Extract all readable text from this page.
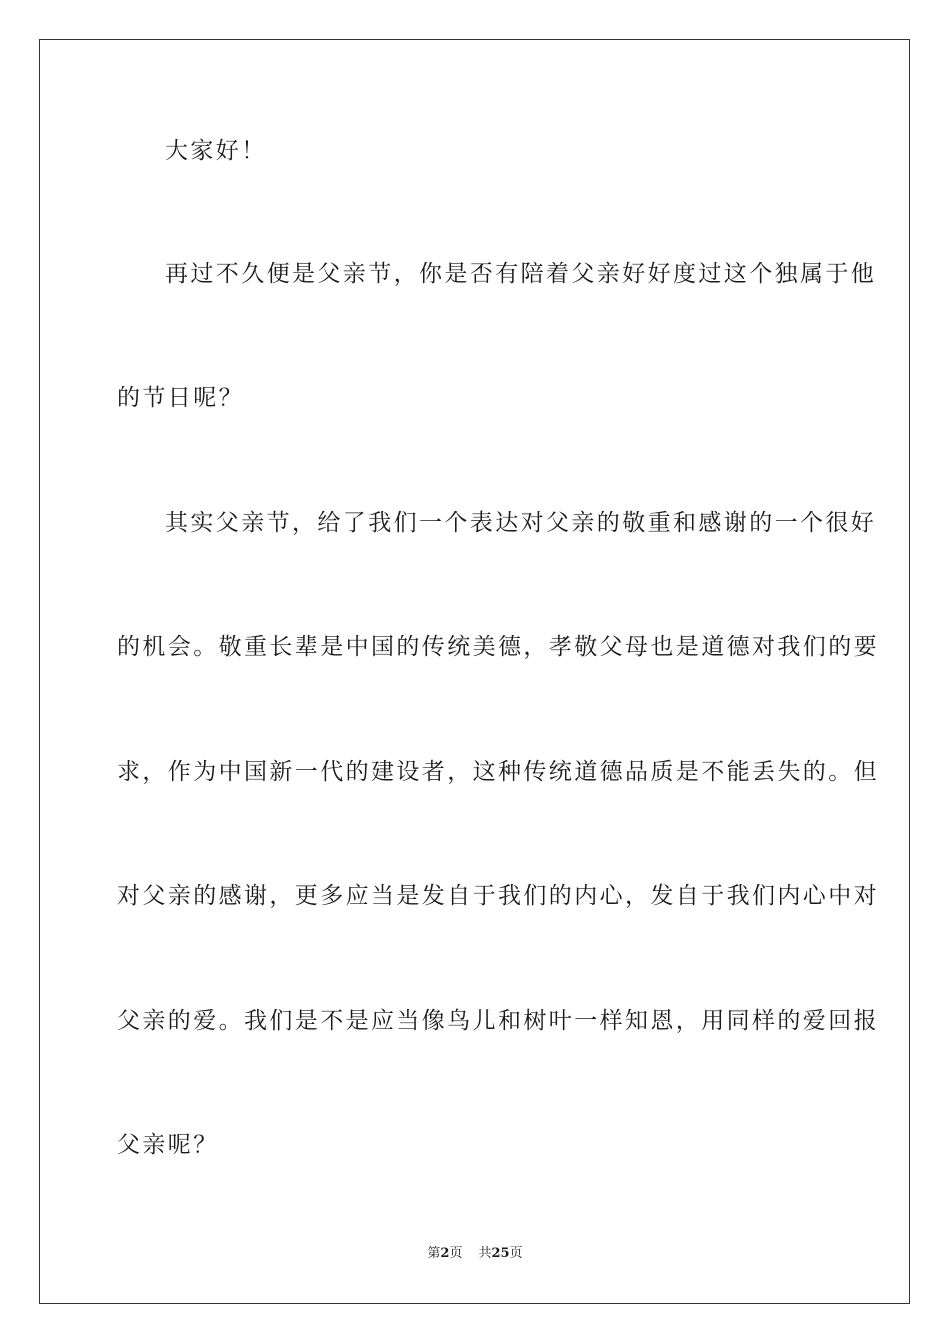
大家好！
再过不久便是父亲节，你是否有陪着父亲好好度过这个独属于他
的节日呢？
其实父亲节，给了我们一个表达对父亲的敬重和感谢的一个很好
的机会。敬重长辈是中国的传统美德，孝敬父母也是道德对我们的要
求，作为中国新一代的建设者，这种传统道德品质是不能丢失的。但
对父亲的感谢，更多应当是发自于我们的内心，发自于我们内心中对
父亲的爱。我们是不是应当像鸟儿和树叶一样知恩，用同样的爱回报
父亲呢？
第2页 共25页
